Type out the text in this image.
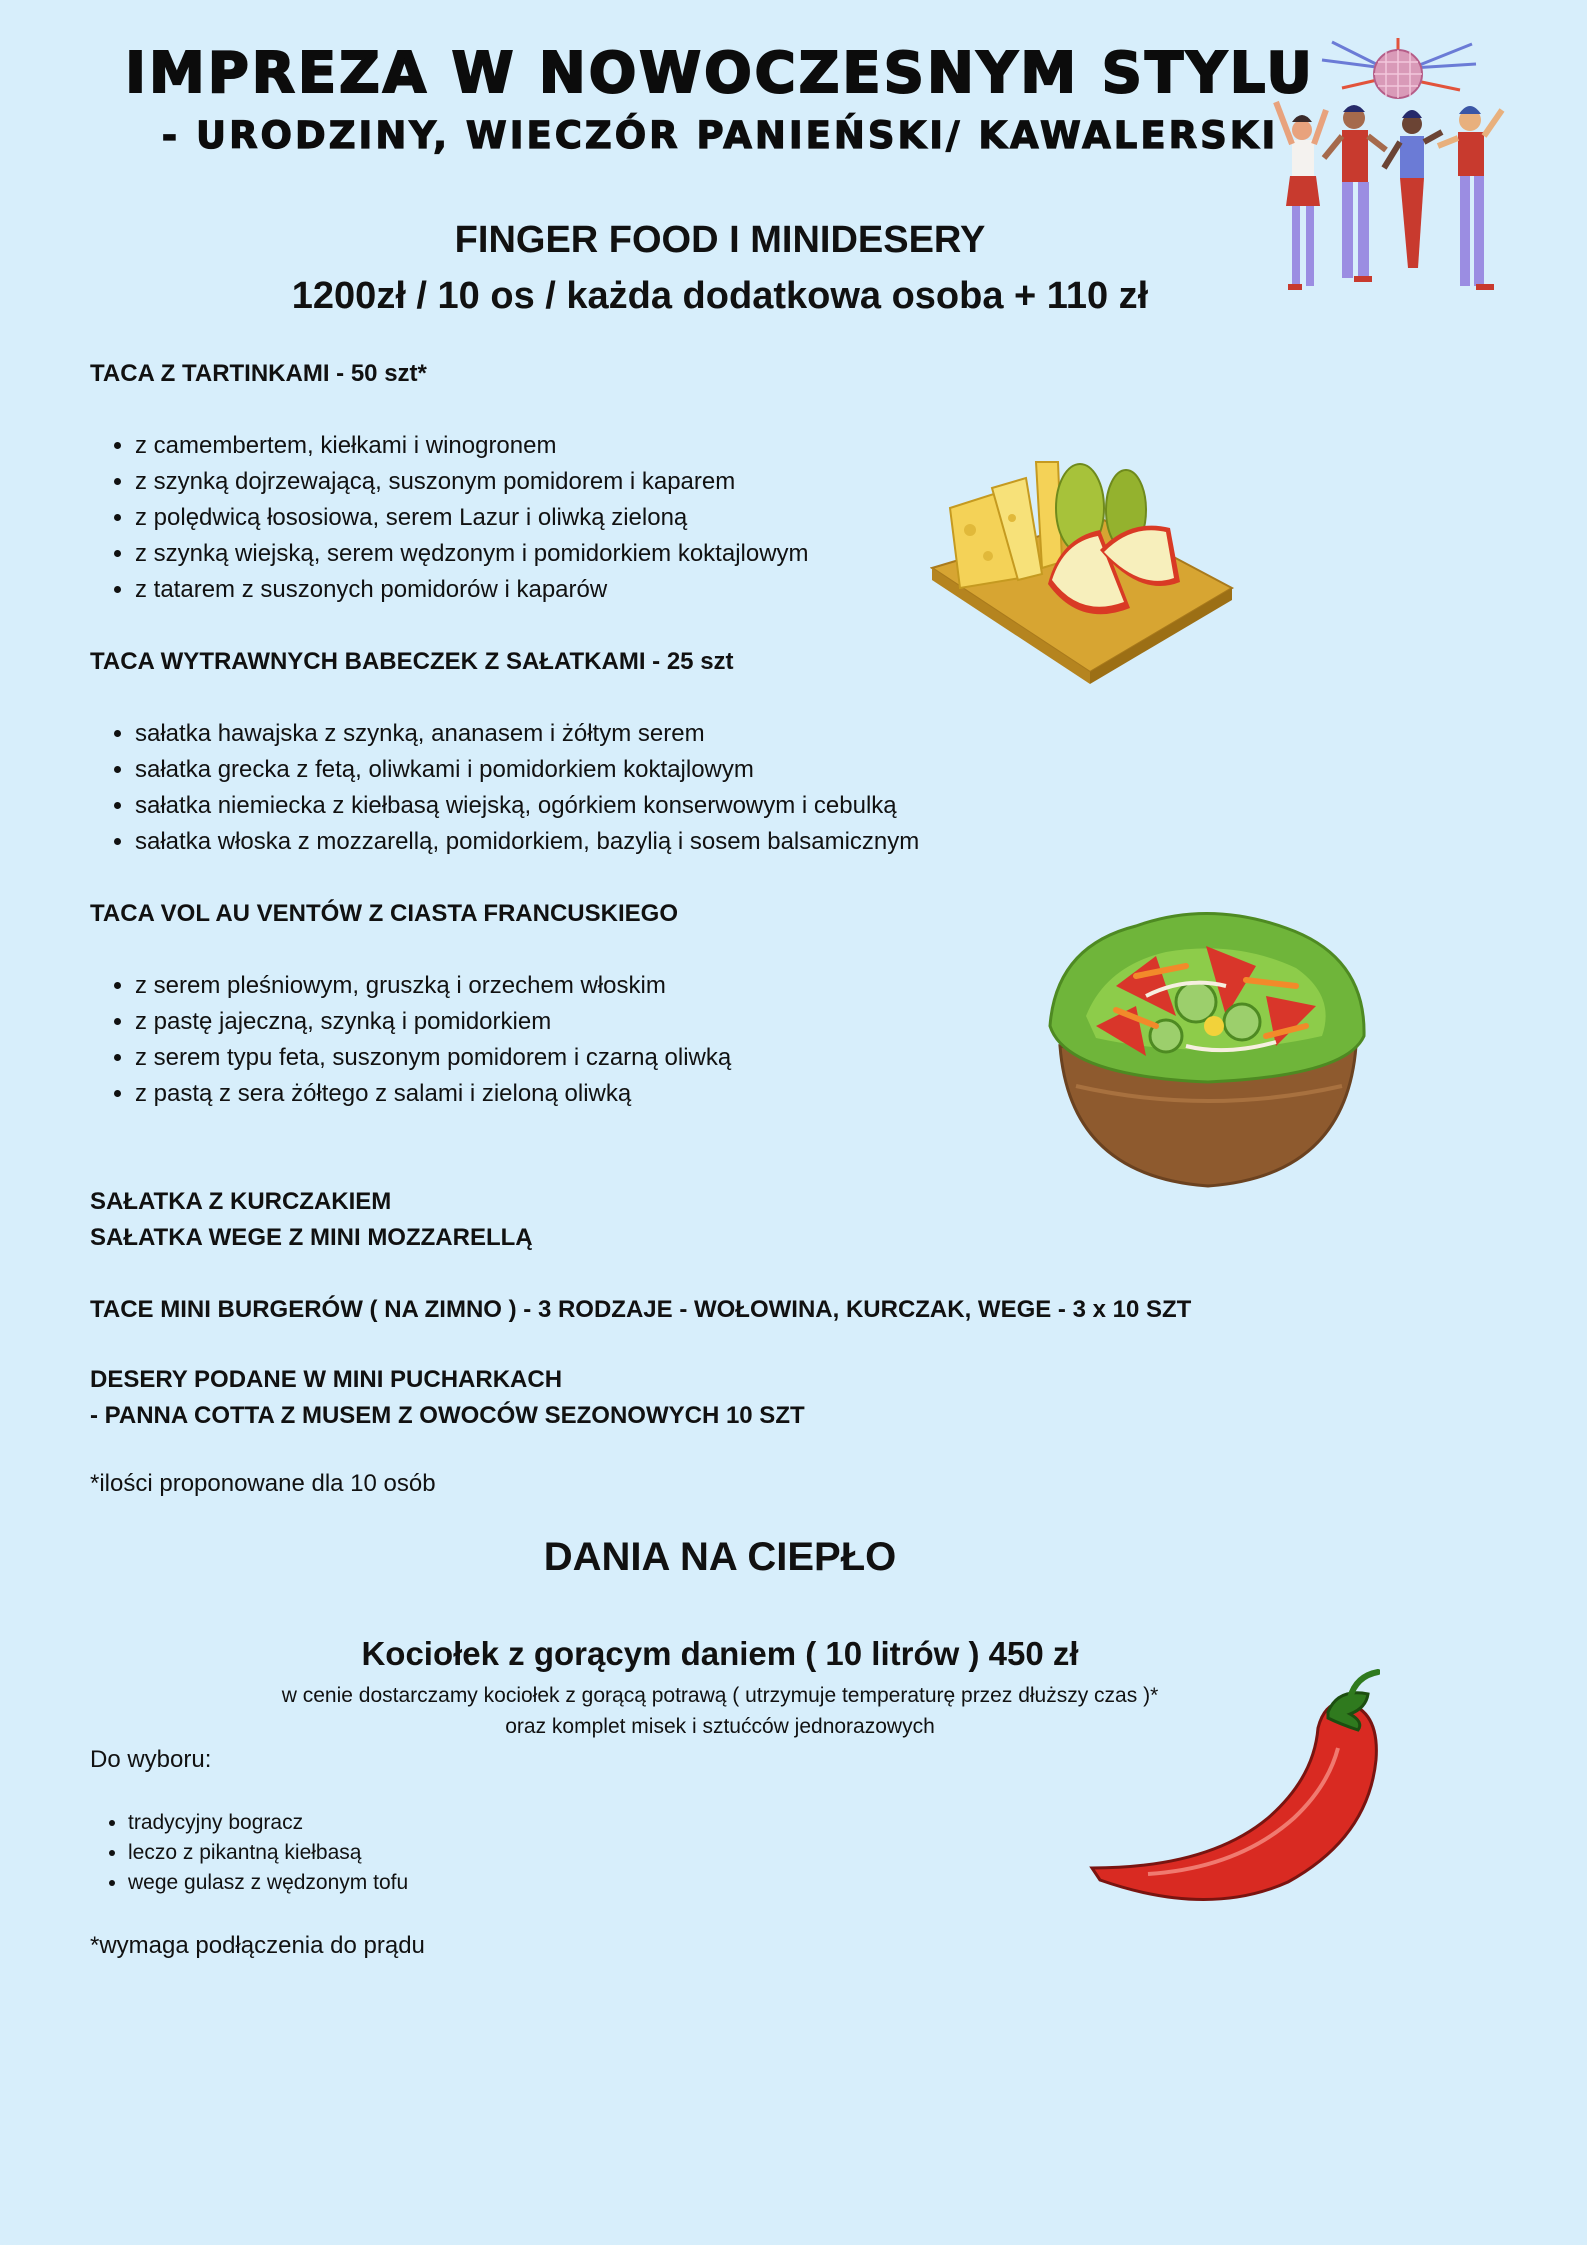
IMPREZA W NOWOCZESNYM STYLU
- URODZINY, WIECZÓR PANIEŃSKI/ KAWALERSKI
FINGER FOOD I MINIDESERY
1200zł / 10 os / każda dodatkowa osoba + 110 zł
TACA Z TARTINKAMI - 50 szt*
• z camembertem, kiełkami i winogronem
• z szynką dojrzewającą, suszonym pomidorem i kaparem
• z polędwicą łososiowa, serem Lazur i oliwką zieloną
• z szynką wiejską, serem wędzonym i pomidorkiem koktajlowym
• z tatarem z suszonych pomidorów i kaparów
TACA WYTRAWNYCH BABECZEK Z SAŁATKAMI - 25 szt
• sałatka hawajska z szynką, ananasem i żółtym serem
• sałatka grecka z fetą, oliwkami i pomidorkiem koktajlowym
• sałatka niemiecka z kiełbasą wiejską, ogórkiem konserwowym i cebulką
• sałatka włoska z mozzarellą, pomidorkiem, bazylią i sosem balsamicznym
TACA VOL AU VENTÓW Z CIASTA FRANCUSKIEGO
• z serem pleśniowym, gruszką i orzechem włoskim
• z pastę jajeczną, szynką i pomidorkiem
• z serem typu feta, suszonym pomidorem i czarną oliwką
• z pastą z sera żółtego z salami i zieloną oliwką
SAŁATKA Z KURCZAKIEM
SAŁATKA WEGE Z MINI MOZZARELLĄ
TACE MINI BURGERÓW ( NA ZIMNO ) - 3 RODZAJE - WOŁOWINA, KURCZAK, WEGE - 3 x 10 SZT
DESERY PODANE W MINI PUCHARKACH
- PANNA COTTA Z MUSEM Z OWOCÓW SEZONOWYCH 10 SZT
*ilości proponowane dla 10 osób
DANIA NA CIEPŁO
Kociołek z gorącym daniem ( 10 litrów ) 450 zł
w cenie dostarczamy kociołek z gorącą potrawą ( utrzymuje temperaturę przez dłuższy czas )*
oraz komplet misek i sztućców jednorazowych
Do wyboru:
• tradycyjny bogracz
• leczo z pikantną kiełbasą
• wege gulasz z wędzonym tofu
*wymaga podłączenia do prądu
